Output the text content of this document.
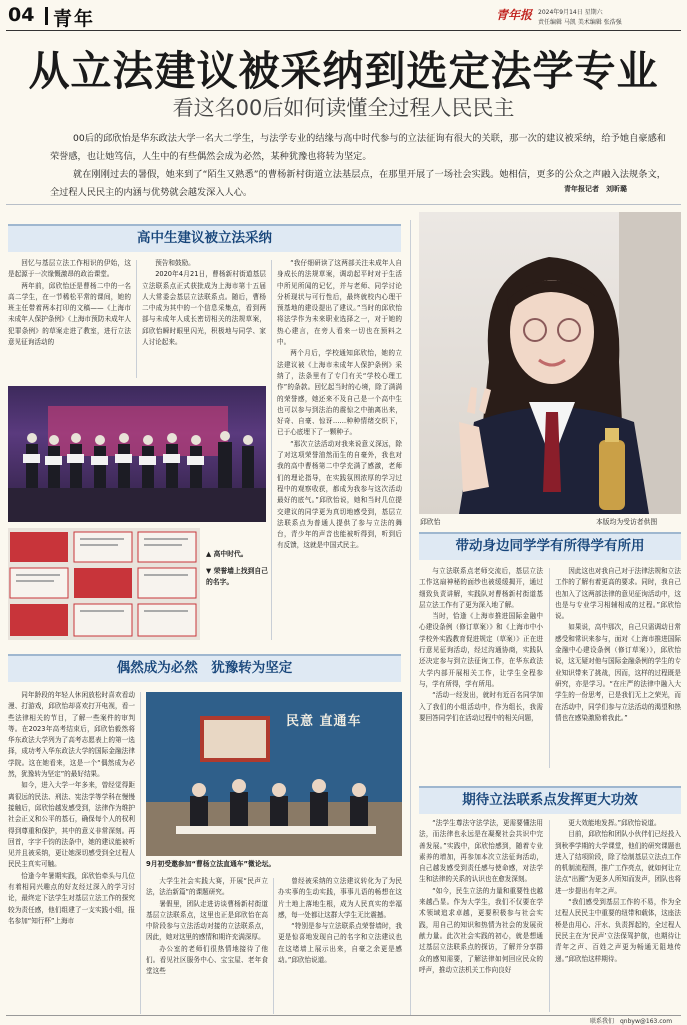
04 青年	青年报 2024年9月14日 星期六
责任编辑 马凯 美术编辑 张浩强
从立法建议被采纳到选定法学专业
看这名00后如何读懂全过程人民民主

00后的邱欣怡是华东政法大学一名大二学生，与法学专业的结缘与高中时代参与的立法征询有很大的关联，那一次的建议被采纳，给予她自豪感和荣誉感，也让她笃信，人生中的有些偶然会成为必然，某种犹豫也将转为坚定。

就在刚刚过去的暑假，她来到了“陌生又熟悉”的曹杨新村街道立法基层点，在那里开展了一场社会实践。她相信，更多的公众之声融入法规条文，全过程人民民主的内涵与优势就会越发深入人心。	青年报记者　刘昕璐
高中生建议被立法采纳

回忆与基层立法工作相识的伊始，这是起源于一次缘慨激昂的政治课堂。

两年前，邱欣怡还是曹杨二中的一名高二学生，在一节稀松平常的课间，她的班主任带着两本打印的文稿——《上海市未成年人保护条例》《上海市预防未成年人犯罪条例》的草案走进了教室，进行立法意见征询活动的

预告和鼓励。

2020年4月21日，曹杨新村街道基层立法联系点正式获批成为上海市第十五届人大常委会基层立法联系点。随后，曹杨二中成为其中的一个信息采集点，看到两部与未成年人成长密切相关的法规草案，邱欣怡瞬时眼里闪光，积极地与同学、家人讨论起来。

“我仔细研读了这两部关注未成年人自身成长的法规草案，调动起平时对于生活中所见所闻的记忆，并与老师、同学讨论分析现状与可行性后，最终就校内心理干预基地的建设提出了建议。”当时的邱欣怡将法学作为未来职业选择之一，对于她的热心建言，在旁人看来一切也在预料之中。

两个月后，学校通知邱欣怡，她的立法建议被《上海市未成年人保护条例》采纳了，法条里有了专门有关“学校心理工作”的条款。回忆起当时的心境，除了满满的荣誉感，她还来不及自己是一个高中生也可以参与到法治的震惊之中抽离出来，好奇、自豪、惊讶……种种情绪交织下，已于心底埋下了一颗种子。

“那次立法活动对我来说意义深远，除了对这项荣誉油然而生的自豪外，我也对我的高中曹杨第二中学充满了感激，老师们的理论指导，在实践氛围浓厚的学习过程中的观察收获，都成为我参与这次活动最好的底气。”邱欣怡说，她和当时几位提交建议的同学更为真切地感受到，基层立法联系点为普通人提供了参与立法的舞台，青少年的声音也能被听得到，听到后有反馈，这就是中国式民主。

▲ 高中时代。
▼ 荣誉墙上找到自己的名字。
邱欣怡	本版均为受访者供图
带动身边同学学有所得学有所用

与立法联系点老师交流后，基层立法工作这扇神秘的面纱也被缓缓揭开，通过细致负责讲解，实践队对曹杨新村街道基层立法工作有了更为深入地了解。

当时，恰逢《上海市推进国际金融中心建设条例（修订草案）》和《上海市中小学校外实践教育促进规定（草案）》正在进行意见征询活动，经过沟通协商，实践队还决定参与到立法征询工作，在华东政法大学内部开展相关工作，让学生全程参与，学有所得，学有所用。

“活动一经发出，就时有近百名同学加入了我们的小组活动中，作为组长，我需要回答同学们在活动过程中的相关问题，

因此这也对我自己对于法律法规和立法工作的了解有着更高的要求。同时，我自己也加入了这两部法律的意见征询活动中，这也是与专业学习相辅相成的过程。”邱欣怡说。

如果说，高中那次，自己只需调动日常感受和常识来参与，面对《上海市推进国际金融中心建设条例（修订草案）》，邱欣怡说，这无疑对他与国际金融条例的学生的专业知识带来了挑战，因而，这样的过程既是研究，亦是学习。“在庄严的法律中融入大学生的一份思考，已是我们无上之荣光，而在活动中，同学们参与立法活动的渴望和热情也在感染激励着我此。”

偶然成为必然　犹豫转为坚定

同年龄段的年轻人休闲放松时喜欢看动漫、打游戏，邱欣怡却喜欢打开电视，看一些法律相关的节目，了解一些案件的审判等。在2023年高考结束后，邱欣怡毅然将华东政法大学列为了高考志愿表上的第一选择，成功考入华东政法大学的国际金融法律学院。这在她看来，这是一个“偶然成为必然，犹豫转为坚定”的最好结果。

如今，进入大学一年多来，曾经觉得距离很远的民法、刑法、宪法学等学科在慢慢接触后，邱欣怡越发感受到，法律作为维护社会正义和公平的基石，确保每个人的权利得到尊重和保护，其中的意义非常深刻。再回首，字字千钧的法条中，她的建议能被听见并且被采纳，更让她深切感受到全过程人民民主真实可触。

恰逢今年暑期实践，邱欣怡牵头与几位有着相同兴趣点的好友经过深入的学习讨论，最终定下法学生对基层立法工作的探究较为责任感，他们组建了一支实践小组，报名参加“知行杯”上海市

民意 直通车
9月初受邀参加“曹杨立法直通车”微论坛。

大学生社会实践大赛，开展“民声立法，法治新篇”的课题研究。

暑假里，团队走进访谈曹杨新村街道基层立法联系点，这里也正是邱欣怡在高中阶段参与立法活动对接的立法联系点，因此，她对这里的感情和期许充满深厚。

办公室的老师们很热情地接待了他们。看见社区服务中心、宝宝屋、老年食堂这些

曾经被采纳的立法建议转化为了为民办实事的生动实践，事事儿语的畅想在这片土地上落地生根，成为人民真实的幸福感，每一处都让这群大学生无比震撼。

“特别是参与立法联系点荣誉墙时，我更是惊喜地发现自己的名字和立法建议也在这堵墙上展示出来，自豪之余更是感动。”邱欣怡说道。

期待立法联系点发挥更大功效

“法学生尊法守法学法，更需要懂法用法，而法律也永远是在凝聚社会共识中完善发展。”实践中，邱欣怡感到，随着专业素养的增加，再参加本次立法征询活动，自己越发感受到责任感与使命感，对法学生和法律的关系的认识也在愈发深刻。

“如今，民生立法的力量和重要性也越来越凸显。作为大学生，我们不仅要在学术领域追求卓越，更要积极参与社会实践，用自己的知识和热情为社会的发展贡献力量。此次社会实践的初心，就是想通过基层立法联系点的探访，了解并分享群众的感知需要，了解法律如何回应民众的呼声，推动立法机关工作向良好

更大效能地发挥。”邱欣怡说道。

目前，邱欣怡和团队小伙伴们已经投入到秋季学期的大学课堂，他们的研究课题也进入了结项阶段，除了绘制基层立法点工作的机制流程图，推广工作亮点，就如何让立法点“出圈”为更多人所知而发声，团队也将进一步提出有年之声。

“我们感受到基层工作的不易，作为全过程人民民主中重要的纽带和载体，这座法桥是由用心、汗水、负责挥起的，全过程人民民主在为‘民声’立法保驾护航，也期待让青年之声、百姓之声更为畅通无阻地传递。”邱欣怡这样期待。

联系我们　qnbyw@163.com
